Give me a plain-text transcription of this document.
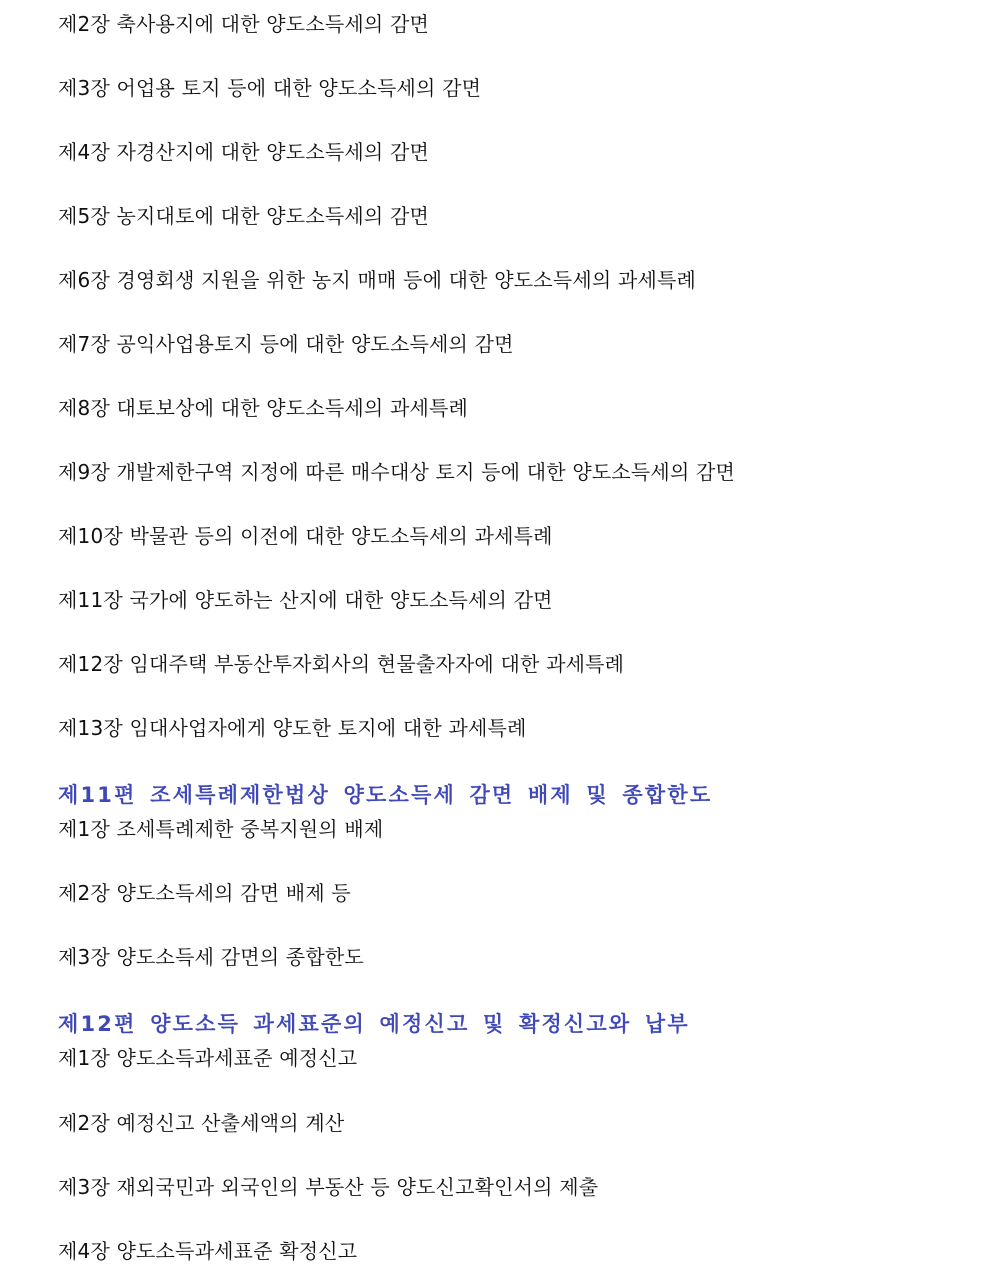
제2장 축사용지에 대한 양도소득세의 감면
제3장 어업용 토지 등에 대한 양도소득세의 감면
제4장 자경산지에 대한 양도소득세의 감면
제5장 농지대토에 대한 양도소득세의 감면
제6장 경영회생 지원을 위한 농지 매매 등에 대한 양도소득세의 과세특례
제7장 공익사업용토지 등에 대한 양도소득세의 감면
제8장 대토보상에 대한 양도소득세의 과세특례
제9장 개발제한구역 지정에 따른 매수대상 토지 등에 대한 양도소득세의 감면
제10장 박물관 등의 이전에 대한 양도소득세의 과세특례
제11장 국가에 양도하는 산지에 대한 양도소득세의 감면
제12장 임대주택 부동산투자회사의 현물출자자에 대한 과세특례
제13장 임대사업자에게 양도한 토지에 대한 과세특례
제11편 조세특례제한법상 양도소득세 감면 배제 및 종합한도
제1장 조세특례제한 중복지원의 배제
제2장 양도소득세의 감면 배제 등
제3장 양도소득세 감면의 종합한도
제12편 양도소득 과세표준의 예정신고 및 확정신고와 납부
제1장 양도소득과세표준 예정신고
제2장 예정신고 산출세액의 계산
제3장 재외국민과 외국인의 부동산 등 양도신고확인서의 제출
제4장 양도소득과세표준 확정신고
